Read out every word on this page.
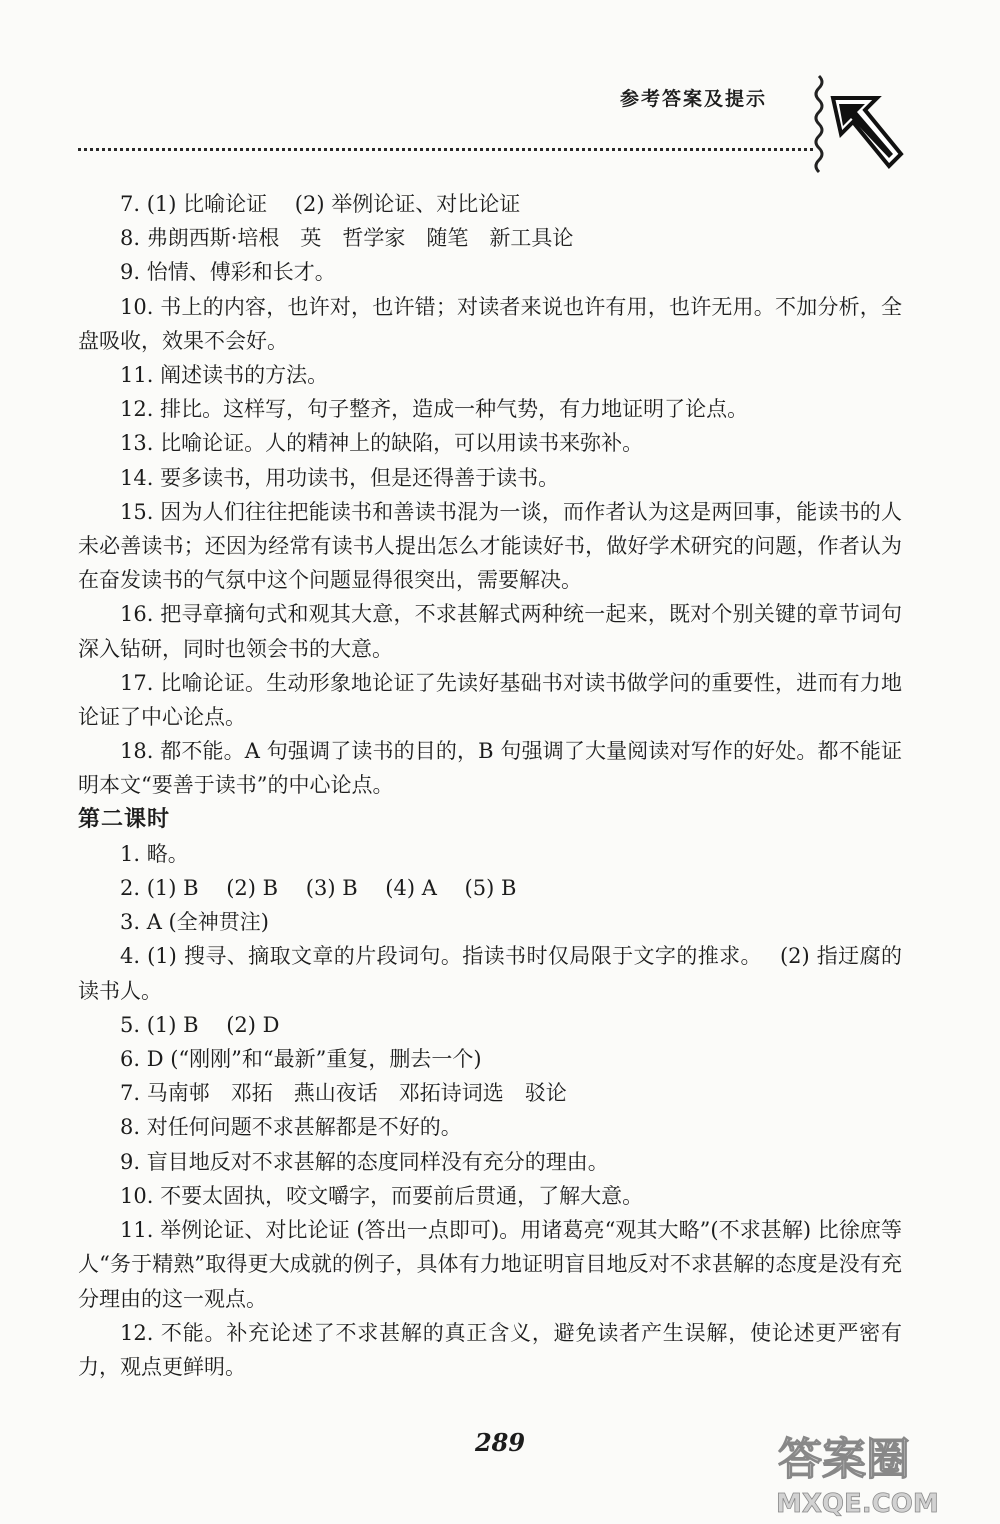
参考答案及提示

7. (1) 比喻论证　 (2) 举例论证、对比论证

8. 弗朗西斯·培根　英　哲学家　随笔　新工具论

9. 怡情、傅彩和长才。

10. 书上的内容，也许对，也许错；对读者来说也许有用，也许无用。不加分析，全盘吸收，效果不会好。

11. 阐述读书的方法。

12. 排比。这样写，句子整齐，造成一种气势，有力地证明了论点。

13. 比喻论证。人的精神上的缺陷，可以用读书来弥补。

14. 要多读书，用功读书，但是还得善于读书。

15. 因为人们往往把能读书和善读书混为一谈，而作者认为这是两回事，能读书的人未必善读书；还因为经常有读书人提出怎么才能读好书，做好学术研究的问题，作者认为在奋发读书的气氛中这个问题显得很突出，需要解决。

16. 把寻章摘句式和观其大意，不求甚解式两种统一起来，既对个别关键的章节词句深入钻研，同时也领会书的大意。

17. 比喻论证。生动形象地论证了先读好基础书对读书做学问的重要性，进而有力地论证了中心论点。

18. 都不能。A 句强调了读书的目的，B 句强调了大量阅读对写作的好处。都不能证明本文“要善于读书”的中心论点。

第二课时

1. 略。

2. (1) B　 (2) B　 (3) B　 (4) A　 (5) B

3. A (全神贯注)

4. (1) 搜寻、摘取文章的片段词句。指读书时仅局限于文字的推求。　 (2) 指迂腐的读书人。

5. (1) B　 (2) D

6. D (“刚刚”和“最新”重复，删去一个)

7. 马南邨　邓拓　燕山夜话　邓拓诗词选　驳论

8. 对任何问题不求甚解都是不好的。

9. 盲目地反对不求甚解的态度同样没有充分的理由。

10. 不要太固执，咬文嚼字，而要前后贯通，了解大意。

11. 举例论证、对比论证 (答出一点即可)。用诸葛亮“观其大略”(不求甚解) 比徐庶等人“务于精熟”取得更大成就的例子，具体有力地证明盲目地反对不求甚解的态度是没有充分理由的这一观点。

12. 不能。补充论述了不求甚解的真正含义，避免读者产生误解，使论述更严密有力，观点更鲜明。

289	答案圈
MXQE.COM
